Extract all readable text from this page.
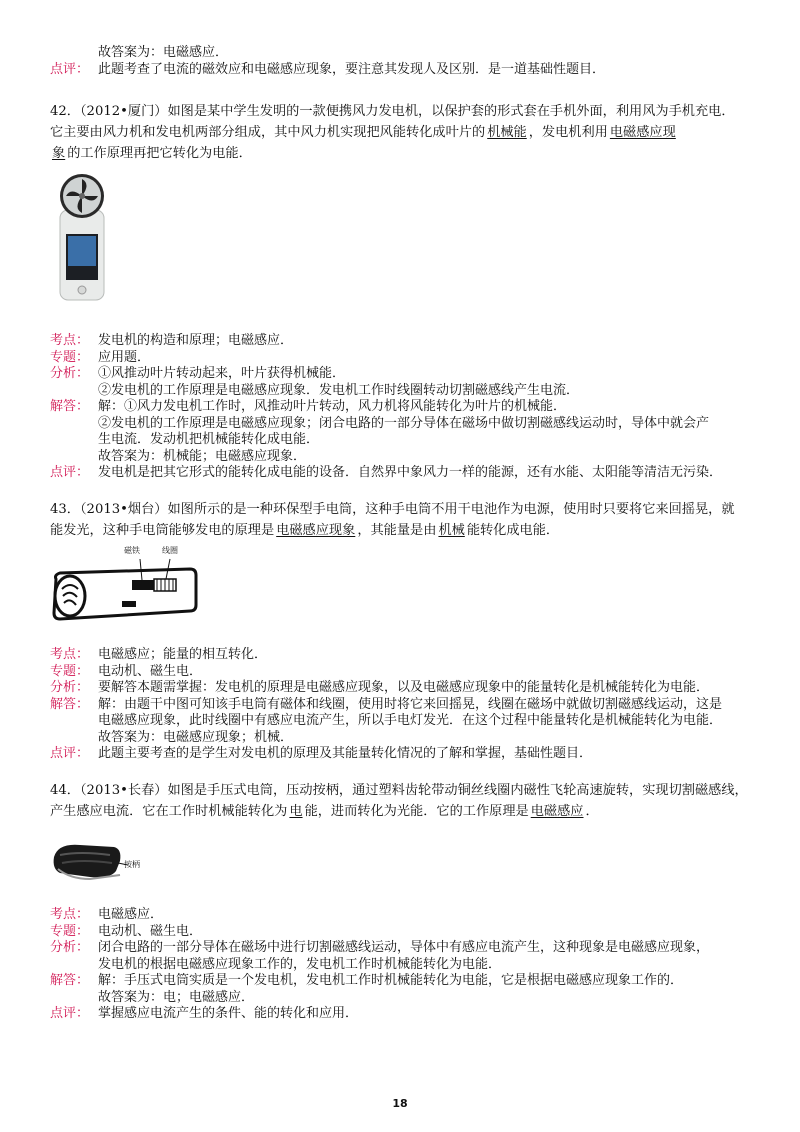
故答案为：电磁感应．
点评： 此题考查了电流的磁效应和电磁感应现象，要注意其发现人及区别．是一道基础性题目．
42．（2012•厦门）如图是某中学生发明的一款便携风力发电机，以保护套的形式套在手机外面，利用风为手机充电．
它主要由风力机和发电机两部分组成，其中风力机实现把风能转化成叶片的 机械能 ，发电机利用 电磁感应现
象 的工作原理再把它转化为电能．
考点： 发电机的构造和原理；电磁感应．
专题： 应用题．
分析： ①风推动叶片转动起来，叶片获得机械能．
②发电机的工作原理是电磁感应现象．发电机工作时线圈转动切割磁感线产生电流．
解答： 解：①风力发电机工作时，风推动叶片转动，风力机将风能转化为叶片的机械能．
②发电机的工作原理是电磁感应现象；闭合电路的一部分导体在磁场中做切割磁感线运动时，导体中就会产
生电流．发动机把机械能转化成电能．
故答案为：机械能；电磁感应现象．
点评： 发电机是把其它形式的能转化成电能的设备．自然界中象风力一样的能源，还有水能、太阳能等清洁无污染．
43．（2013•烟台）如图所示的是一种环保型手电筒，这种手电筒不用干电池作为电源，使用时只要将它来回摇晃，就
能发光，这种手电筒能够发电的原理是 电磁感应现象 ，其能量是由 机械 能转化成电能．
磁铁	线圈
考点： 电磁感应；能量的相互转化．
专题： 电动机、磁生电．
分析： 要解答本题需掌握：发电机的原理是电磁感应现象，以及电磁感应现象中的能量转化是机械能转化为电能．
解答： 解：由题干中图可知该手电筒有磁体和线圈，使用时将它来回摇晃，线圈在磁场中就做切割磁感线运动，这是
电磁感应现象，此时线圈中有感应电流产生，所以手电灯发光．在这个过程中能量转化是机械能转化为电能．
故答案为：电磁感应现象；机械．
点评： 此题主要考查的是学生对发电机的原理及其能量转化情况的了解和掌握，基础性题目．
44．（2013•长春）如图是手压式电筒，压动按柄，通过塑料齿轮带动铜丝线圈内磁性飞轮高速旋转，实现切割磁感线，
产生感应电流．它在工作时机械能转化为 电 能，进而转化为光能．它的工作原理是 电磁感应 ．
按柄
考点： 电磁感应．
专题： 电动机、磁生电．
分析： 闭合电路的一部分导体在磁场中进行切割磁感线运动，导体中有感应电流产生，这种现象是电磁感应现象，
发电机的根据电磁感应现象工作的，发电机工作时机械能转化为电能．
解答： 解：手压式电筒实质是一个发电机，发电机工作时机械能转化为电能，它是根据电磁感应现象工作的．
故答案为：电；电磁感应．
点评： 掌握感应电流产生的条件、能的转化和应用．
18
